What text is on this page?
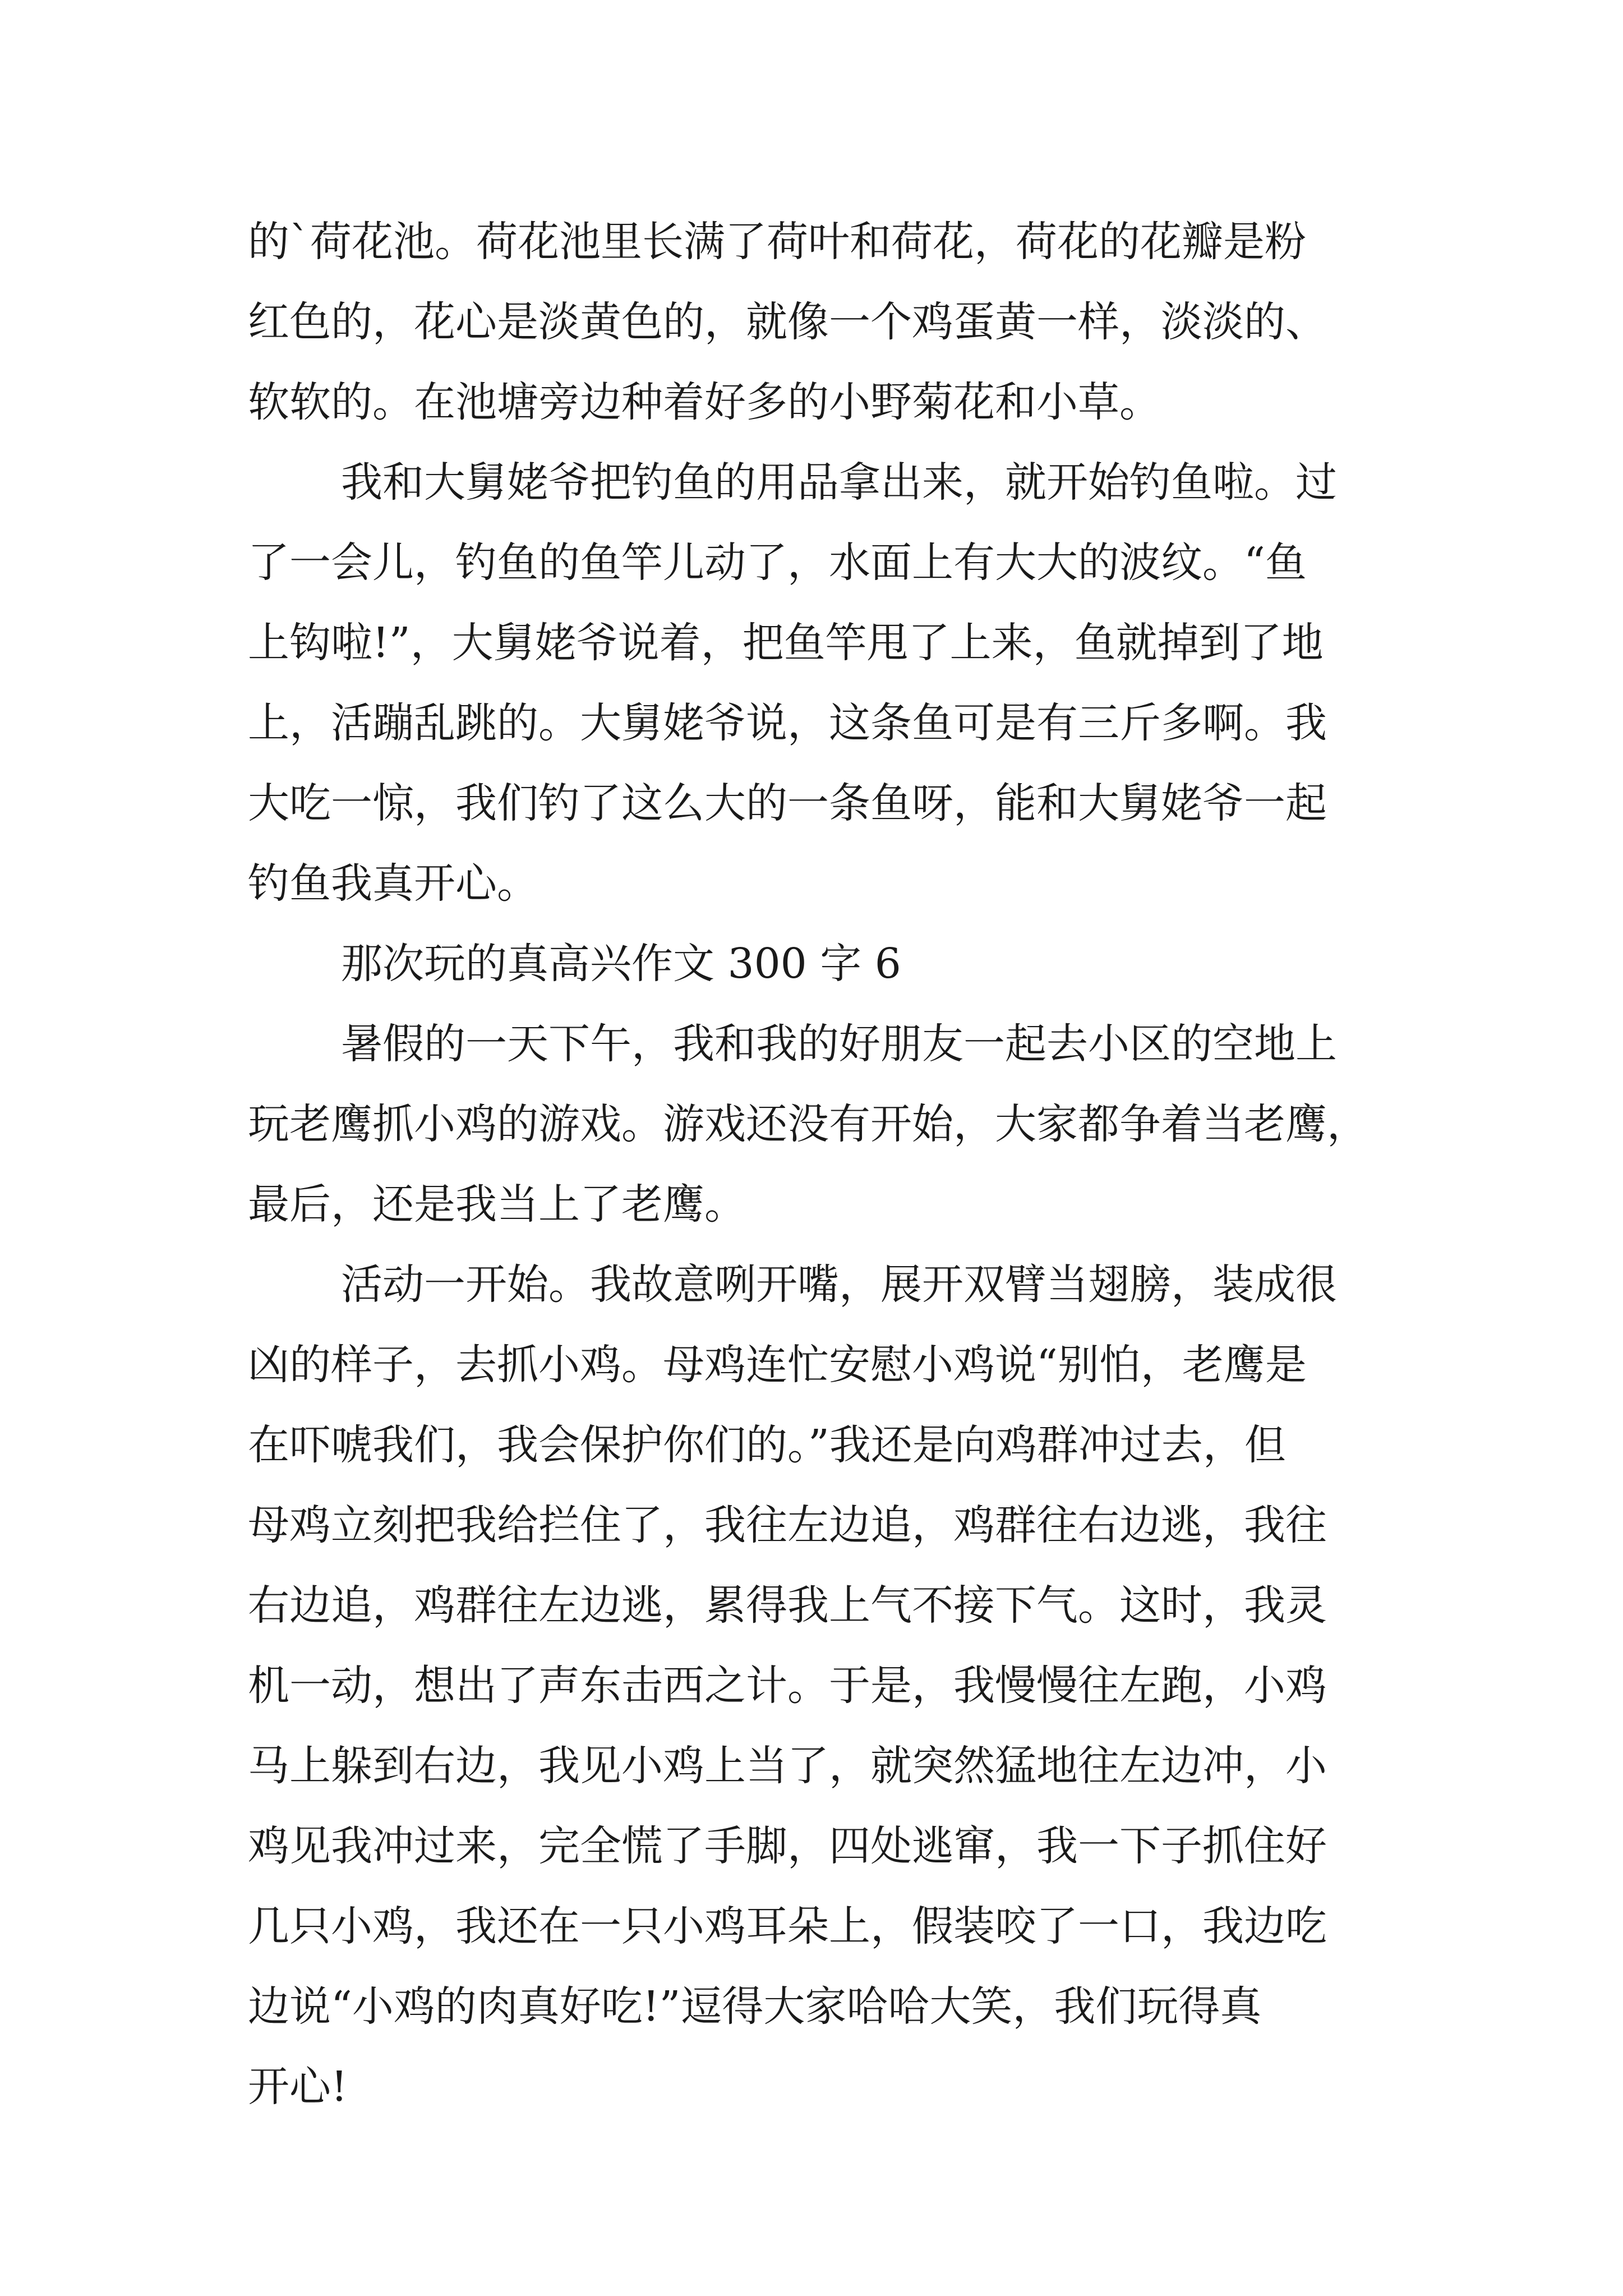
的`荷花池。荷花池里长满了荷叶和荷花，荷花的花瓣是粉
红色的，花心是淡黄色的，就像一个鸡蛋黄一样，淡淡的、
软软的。在池塘旁边种着好多的小野菊花和小草。
我和大舅姥爷把钓鱼的用品拿出来，就开始钓鱼啦。过
了一会儿，钓鱼的鱼竿儿动了，水面上有大大的波纹。“鱼
上钩啦!”，大舅姥爷说着，把鱼竿甩了上来，鱼就掉到了地
上，活蹦乱跳的。大舅姥爷说，这条鱼可是有三斤多啊。我
大吃一惊，我们钓了这么大的一条鱼呀，能和大舅姥爷一起
钓鱼我真开心。
那次玩的真高兴作文 300 字 6
暑假的一天下午，我和我的好朋友一起去小区的空地上
玩老鹰抓小鸡的游戏。游戏还没有开始，大家都争着当老鹰，
最后，还是我当上了老鹰。
活动一开始。我故意咧开嘴，展开双臂当翅膀，装成很
凶的样子，去抓小鸡。母鸡连忙安慰小鸡说“别怕，老鹰是
在吓唬我们，我会保护你们的。”我还是向鸡群冲过去，但
母鸡立刻把我给拦住了，我往左边追，鸡群往右边逃，我往
右边追，鸡群往左边逃，累得我上气不接下气。这时，我灵
机一动，想出了声东击西之计。于是，我慢慢往左跑，小鸡
马上躲到右边，我见小鸡上当了，就突然猛地往左边冲，小
鸡见我冲过来，完全慌了手脚，四处逃窜，我一下子抓住好
几只小鸡，我还在一只小鸡耳朵上，假装咬了一口，我边吃
边说“小鸡的肉真好吃!”逗得大家哈哈大笑，我们玩得真
开心!
